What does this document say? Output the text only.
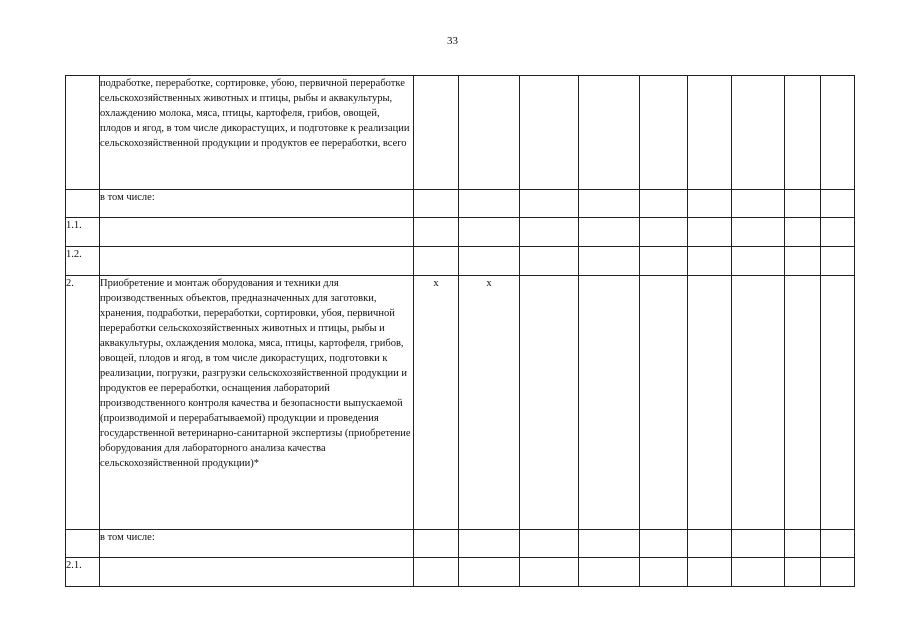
33
	подработке, переработке, сортировке, убою, первичной переработке сельскохозяйственных животных и птицы, рыбы и аквакультуры, охлаждению молока, мяса, птицы, картофеля, грибов, овощей, плодов и ягод, в том числе дикорастущих, и подготовке к реализации сельскохозяйственной продукции и продуктов ее переработки, всего									
	в том числе:									
1.1.										
1.2.										
2.	Приобретение и монтаж оборудования и техники для производственных объектов, предназначенных для заготовки, хранения, подработки, переработки, сортировки, убоя, первичной переработки сельскохозяйственных животных и птицы, рыбы и аквакультуры, охлаждения молока, мяса, птицы, картофеля, грибов, овощей, плодов и ягод, в том числе дикорастущих, подготовки к реализации, погрузки, разгрузки сельскохозяйственной продукции и продуктов ее переработки, оснащения лабораторий производственного контроля качества и безопасности выпускаемой (производимой и перерабатываемой) продукции и проведения государственной ветеринарно-санитарной экспертизы (приобретение оборудования для лабораторного анализа качества сельскохозяйственной продукции)*	x	x							
	в том числе:									
2.1.										
